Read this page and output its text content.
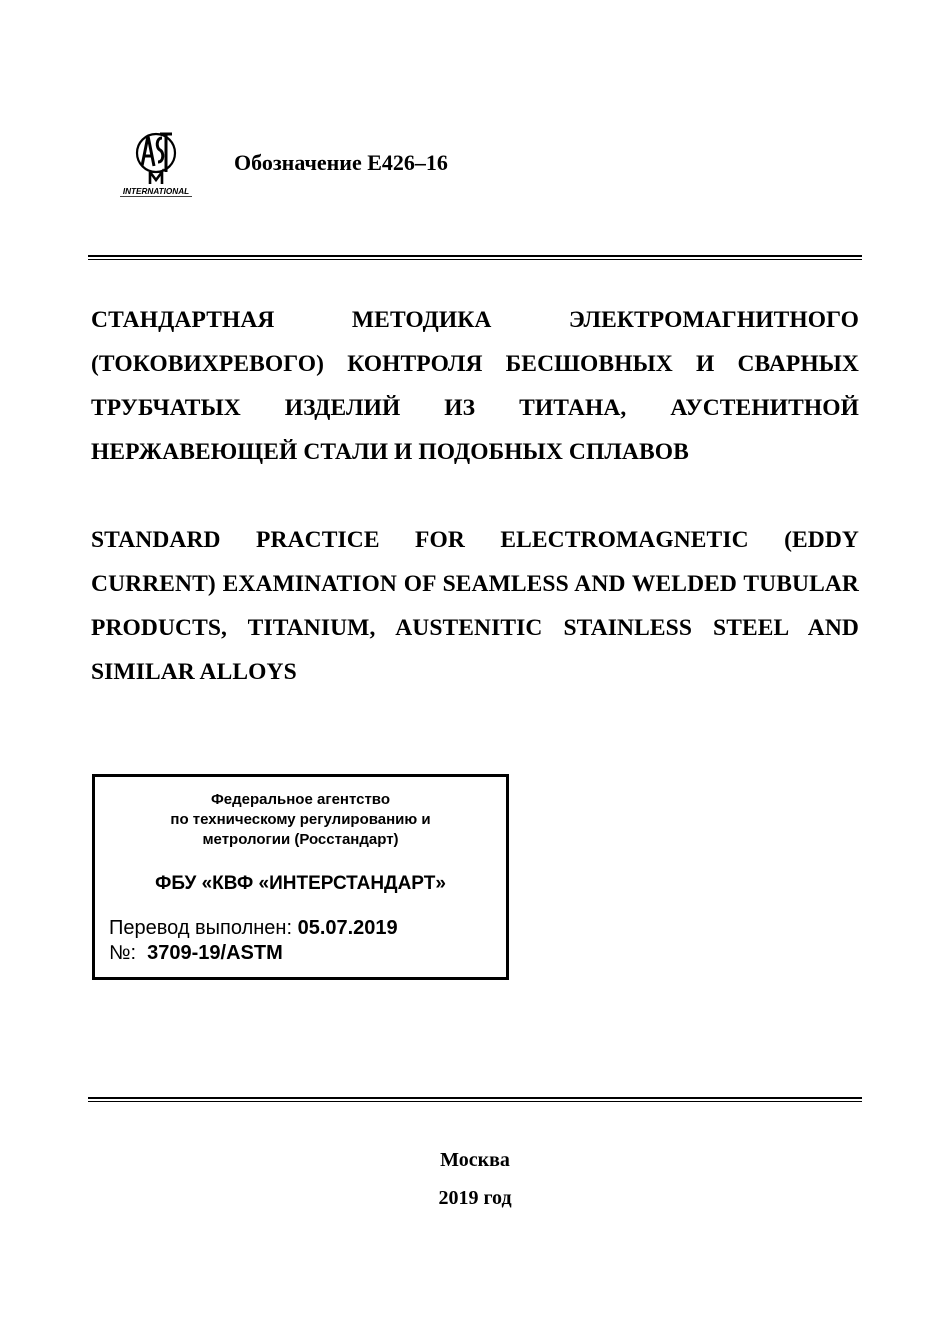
INTERNATIONAL
Обозначение E426–16

СТАНДАРТНАЯ МЕТОДИКА ЭЛЕКТРОМАГНИТНОГО (ТОКОВИХРЕВОГО) КОНТРОЛЯ БЕСШОВНЫХ И СВАРНЫХ ТРУБЧАТЫХ ИЗДЕЛИЙ ИЗ ТИТАНА, АУСТЕНИТНОЙ НЕРЖАВЕЮЩЕЙ СТАЛИ И ПОДОБНЫХ СПЛАВОВ

STANDARD PRACTICE FOR ELECTROMAGNETIC (EDDY CURRENT) EXAMINATION OF SEAMLESS AND WELDED TUBULAR PRODUCTS, TITANIUM, AUSTENITIC STAINLESS STEEL AND SIMILAR ALLOYS

Федеральное агентство
по техническому регулированию и
метрологии (Росстандарт)
ФБУ «КВФ «ИНТЕРСТАНДАРТ»
Перевод выполнен: 05.07.2019
№: 3709-19/ASTM
Москва
2019 год
